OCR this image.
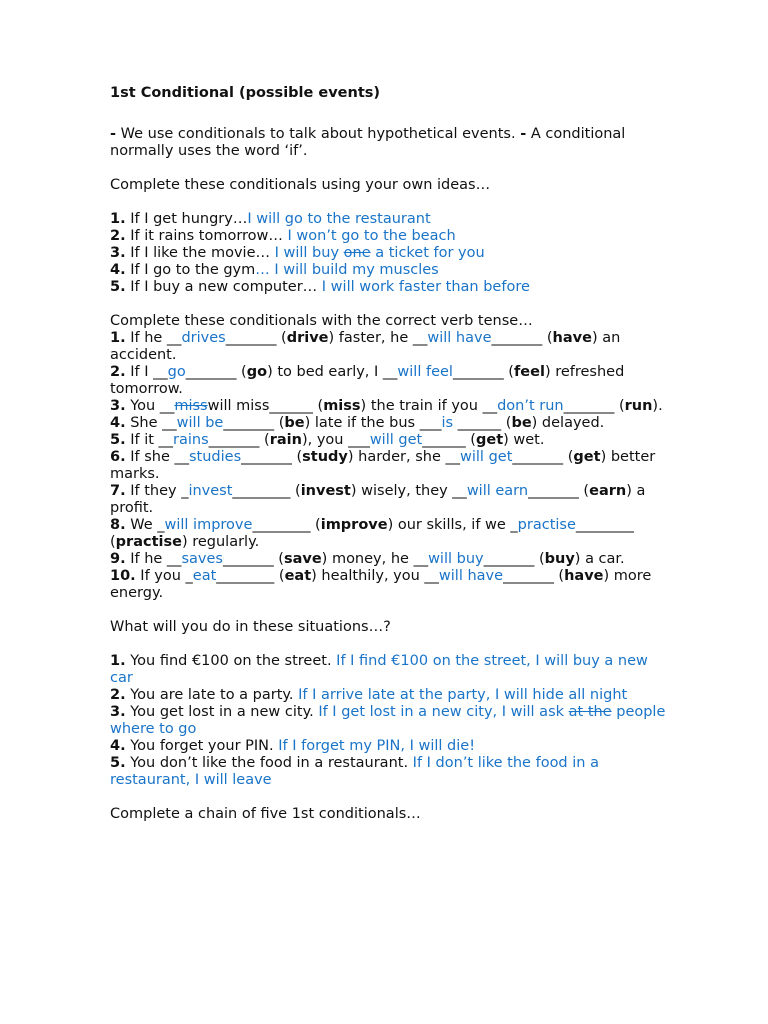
1st Conditional (possible events)

- We use conditionals to talk about hypothetical events. - A conditional normally uses the word ‘if’.

Complete these conditionals using your own ideas…

1. If I get hungry…I will go to the restaurant

2. If it rains tomorrow… I won’t go to the beach

3. If I like the movie… I will buy one a ticket for you

4. If I go to the gym… I will build my muscles

5. If I buy a new computer… I will work faster than before

Complete these conditionals with the correct verb tense…

1. If he __drives_______ (drive) faster, he __will have_______ (have) an accident.

2. If I __go_______ (go) to bed early, I __will feel_______ (feel) refreshed tomorrow.

3. You __misswill miss______ (miss) the train if you __don’t run_______ (run).

4. She __will be_______ (be) late if the bus ___is ______ (be) delayed.

5. If it __rains_______ (rain), you ___will get______ (get) wet.

6. If she __studies_______ (study) harder, she __will get_______ (get) better marks.

7. If they _invest________ (invest) wisely, they __will earn_______ (earn) a profit.

8. We _will improve________ (improve) our skills, if we _practise________ (practise) regularly.

9. If he __saves_______ (save) money, he __will buy_______ (buy) a car.

10. If you _eat________ (eat) healthily, you __will have_______ (have) more energy.

What will you do in these situations…?

1. You find €100 on the street. If I find €100 on the street, I will buy a new car

2. You are late to a party. If I arrive late at the party, I will hide all night

3. You get lost in a new city. If I get lost in a new city, I will ask at the people where to go

4. You forget your PIN. If I forget my PIN, I will die!

5. You don’t like the food in a restaurant. If I don’t like the food in a restaurant, I will leave

Complete a chain of five 1st conditionals…
